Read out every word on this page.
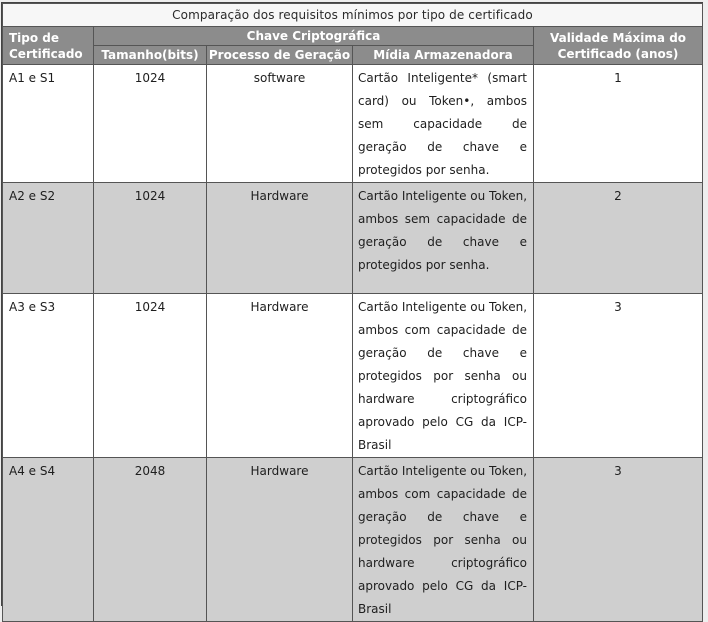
Comparação dos requisitos mínimos por tipo de certificado				
Tipo de Certificado	Chave Criptográfica			Validade Máxima do Certificado (anos)
	Tamanho(bits)	Processo de Geração	Mídia Armazenadora	
A1 e S1	1024	software	Cartão Inteligente* (smart card) ou Token•, ambos sem capacidade de geração de chave e protegidos por senha.	1
A2 e S2	1024	Hardware	Cartão Inteligente ou Token, ambos sem capacidade de geração de chave e protegidos por senha.	2
A3 e S3	1024	Hardware	Cartão Inteligente ou Token, ambos com capacidade de geração de chave e protegidos por senha ou hardware criptográfico aprovado pelo CG da ICP-Brasil	3
A4 e S4	2048	Hardware	Cartão Inteligente ou Token, ambos com capacidade de geração de chave e protegidos por senha ou hardware criptográfico aprovado pelo CG da ICP-Brasil	3
